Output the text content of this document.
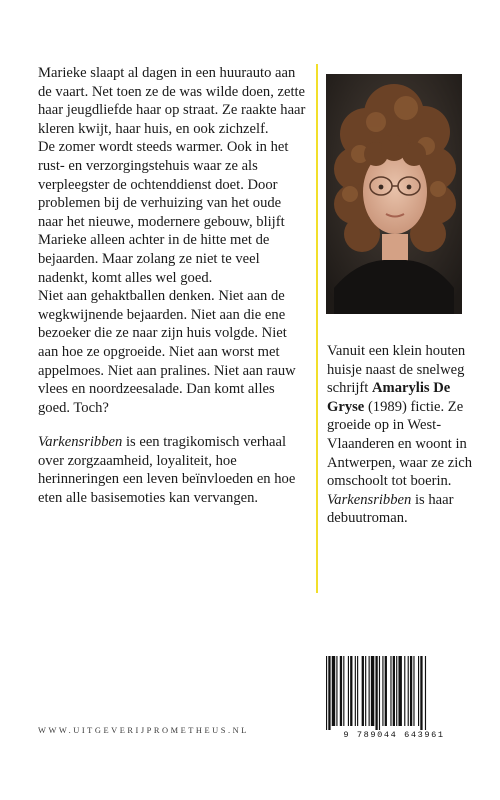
Marieke slaapt al dagen in een huurauto aan de vaart. Net toen ze de was wilde doen, zette haar jeugdliefde haar op straat. Ze raakte haar kleren kwijt, haar huis, en ook zichzelf.

De zomer wordt steeds warmer. Ook in het rust- en verzorgingstehuis waar ze als verpleegster de ochtenddienst doet. Door problemen bij de verhuizing van het oude naar het nieuwe, modernere gebouw, blijft Marieke alleen achter in de hitte met de bejaarden. Maar zolang ze niet te veel nadenkt, komt alles wel goed.

Niet aan gehaktballen denken. Niet aan de wegkwijnende bejaarden. Niet aan die ene bezoeker die ze naar zijn huis volgde. Niet aan hoe ze opgroeide. Niet aan worst met appelmoes. Niet aan pralines. Niet aan rauw vlees en noordzeesalade. Dan komt alles goed. Toch?

Varkensribben is een tragikomisch verhaal over zorgzaamheid, loyaliteit, hoe herinneringen een leven beïnvloeden en hoe eten alle basisemoties kan vervangen.

Vanuit een klein houten huisje naast de snelweg schrijft Amarylis De Gryse (1989) fictie. Ze groeide op in West-Vlaanderen en woont in Antwerpen, waar ze zich omschoolt tot boerin. Varkensribben is haar debuutroman.
WWW.UITGEVERIJPROMETHEUS.NL	9 789044 643961
